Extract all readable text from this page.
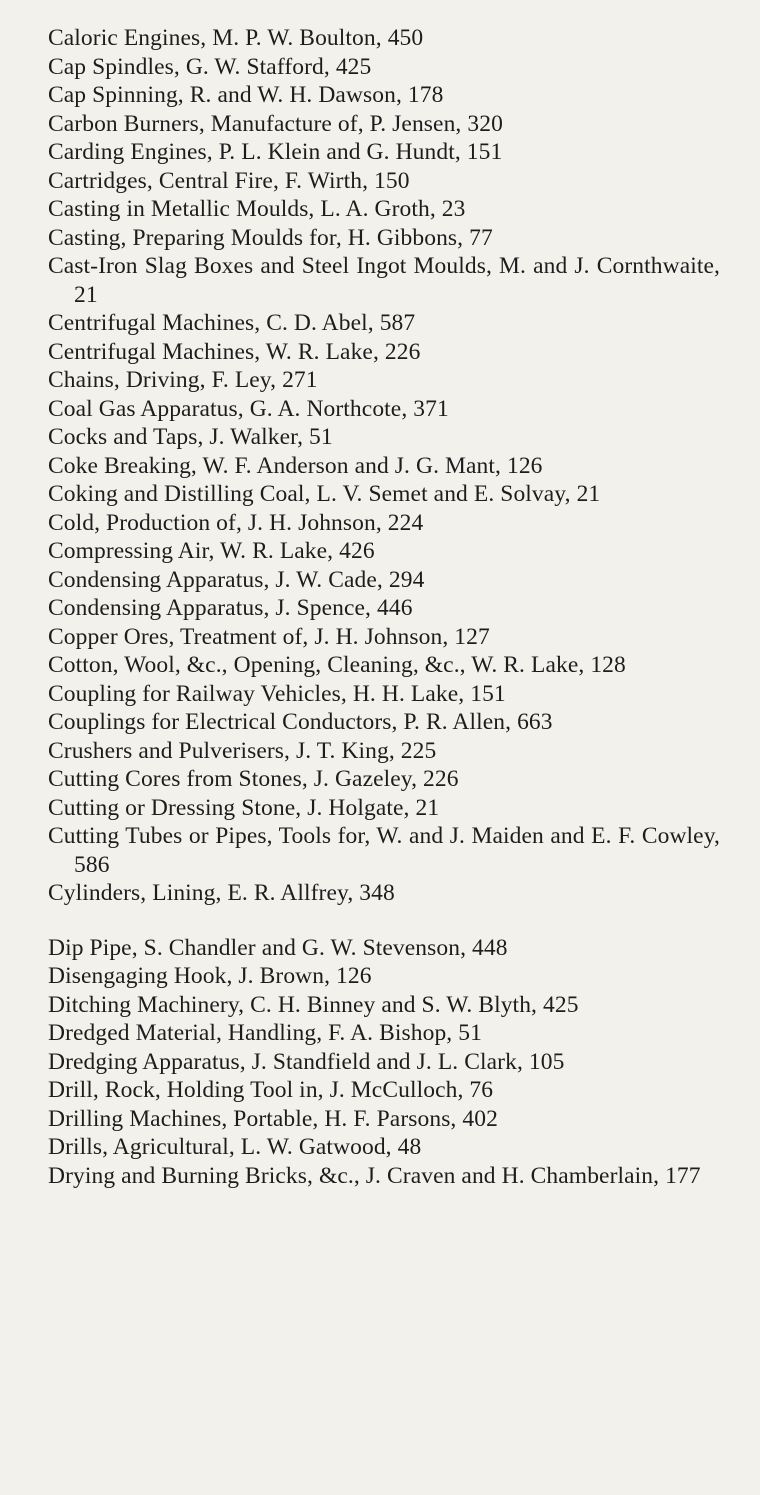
Caloric Engines, M. P. W. Boulton, 450
Cap Spindles, G. W. Stafford, 425
Cap Spinning, R. and W. H. Dawson, 178
Carbon Burners, Manufacture of, P. Jensen, 320
Carding Engines, P. L. Klein and G. Hundt, 151
Cartridges, Central Fire, F. Wirth, 150
Casting in Metallic Moulds, L. A. Groth, 23
Casting, Preparing Moulds for, H. Gibbons, 77
Cast-Iron Slag Boxes and Steel Ingot Moulds, M. and J. Cornthwaite, 21
Centrifugal Machines, C. D. Abel, 587
Centrifugal Machines, W. R. Lake, 226
Chains, Driving, F. Ley, 271
Coal Gas Apparatus, G. A. Northcote, 371
Cocks and Taps, J. Walker, 51
Coke Breaking, W. F. Anderson and J. G. Mant, 126
Coking and Distilling Coal, L. V. Semet and E. Solvay, 21
Cold, Production of, J. H. Johnson, 224
Compressing Air, W. R. Lake, 426
Condensing Apparatus, J. W. Cade, 294
Condensing Apparatus, J. Spence, 446
Copper Ores, Treatment of, J. H. Johnson, 127
Cotton, Wool, &c., Opening, Cleaning, &c., W. R. Lake, 128
Coupling for Railway Vehicles, H. H. Lake, 151
Couplings for Electrical Conductors, P. R. Allen, 663
Crushers and Pulverisers, J. T. King, 225
Cutting Cores from Stones, J. Gazeley, 226
Cutting or Dressing Stone, J. Holgate, 21
Cutting Tubes or Pipes, Tools for, W. and J. Maiden and E. F. Cowley, 586
Cylinders, Lining, E. R. Allfrey, 348
Dip Pipe, S. Chandler and G. W. Stevenson, 448
Disengaging Hook, J. Brown, 126
Ditching Machinery, C. H. Binney and S. W. Blyth, 425
Dredged Material, Handling, F. A. Bishop, 51
Dredging Apparatus, J. Standfield and J. L. Clark, 105
Drill, Rock, Holding Tool in, J. McCulloch, 76
Drilling Machines, Portable, H. F. Parsons, 402
Drills, Agricultural, L. W. Gatwood, 48
Drying and Burning Bricks, &c., J. Craven and H. Chamberlain, 177
